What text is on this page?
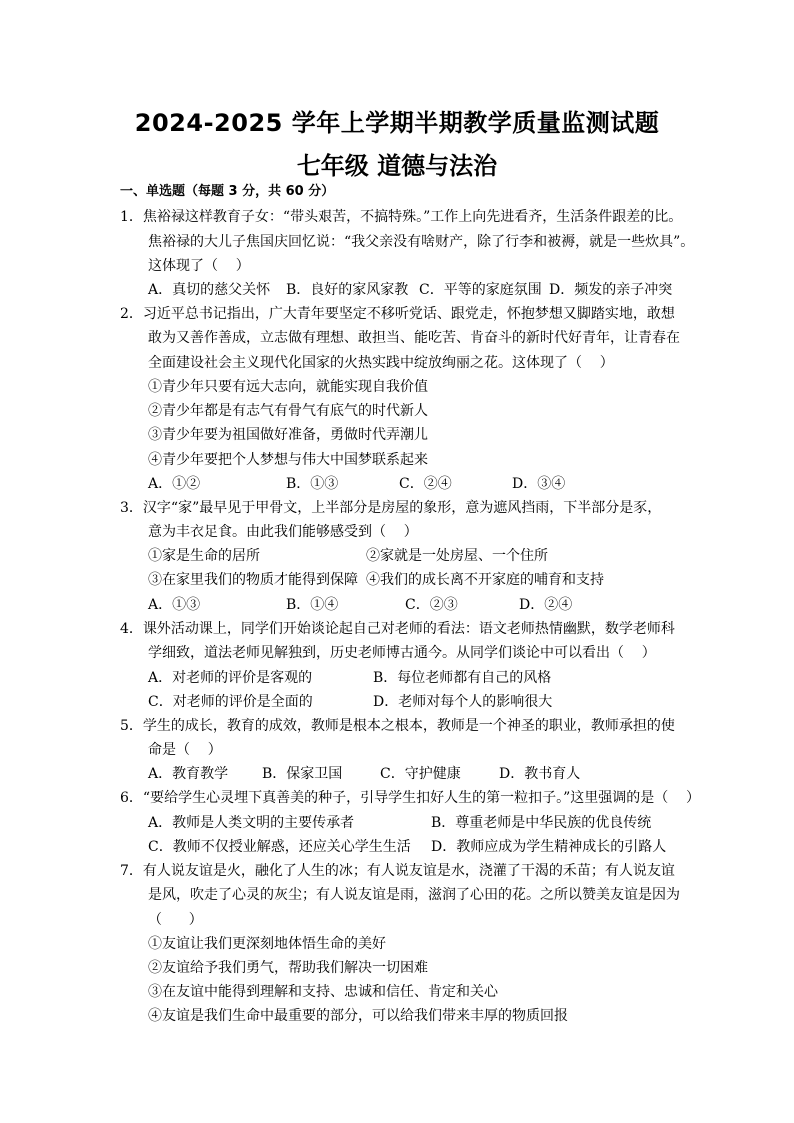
2024-2025 学年上学期半期教学质量监测试题
七年级 道德与法治
一、单选题（每题 3 分，共 60 分）
1．焦裕禄这样教育子女：“带头艰苦，不搞特殊。”工作上向先进看齐，生活条件跟差的比。
焦裕禄的大儿子焦国庆回忆说：“我父亲没有啥财产，除了行李和被褥，就是一些炊具”。
这体现了（    ）
A．真切的慈父关怀 B．良好的家风家教 C．平等的家庭氛围 D．频发的亲子冲突
2．习近平总书记指出，广大青年要坚定不移听党话、跟党走，怀抱梦想又脚踏实地，敢想
敢为又善作善成，立志做有理想、敢担当、能吃苦、肯奋斗的新时代好青年，让青春在
全面建设社会主义现代化国家的火热实践中绽放绚丽之花。这体现了（    ）
①青少年只要有远大志向，就能实现自我价值
②青少年都是有志气有骨气有底气的时代新人
③青少年要为祖国做好准备，勇做时代弄潮儿
④青少年要把个人梦想与伟大中国梦联系起来
A．①②	B．①③	C．②④	D．③④
3．汉字“家”最早见于甲骨文，上半部分是房屋的象形，意为遮风挡雨，下半部分是豕，
意为丰衣足食。由此我们能够感受到（    ）
①家是生命的居所	②家就是一处房屋、一个住所
③在家里我们的物质才能得到保障 ④我们的成长离不开家庭的哺育和支持
A．①③	B．①④	C．②③	D．②④
4．课外活动课上，同学们开始谈论起自己对老师的看法：语文老师热情幽默，数学老师科
学细致，道法老师见解独到，历史老师博古通今。从同学们谈论中可以看出（    ）
A．对老师的评价是客观的	B．每位老师都有自己的风格
C．对老师的评价是全面的	D．老师对每个人的影响很大
5．学生的成长，教育的成效，教师是根本之根本，教师是一个神圣的职业，教师承担的使
命是（    ）
A．教育教学 B．保家卫国	C．守护健康	D．教书育人
6．“要给学生心灵埋下真善美的种子，引导学生扣好人生的第一粒扣子。”这里强调的是（    ）
A．教师是人类文明的主要传承者	B．尊重老师是中华民族的优良传统
C．教师不仅授业解惑，还应关心学生生活 D．教师应成为学生精神成长的引路人
7．有人说友谊是火，融化了人生的冰；有人说友谊是水，浇灌了干渴的禾苗；有人说友谊
是风，吹走了心灵的灰尘；有人说友谊是雨，滋润了心田的花。之所以赞美友谊是因为
（      ）
①友谊让我们更深刻地体悟生命的美好
②友谊给予我们勇气，帮助我们解决一切困难
③在友谊中能得到理解和支持、忠诚和信任、肯定和关心
④友谊是我们生命中最重要的部分，可以给我们带来丰厚的物质回报
